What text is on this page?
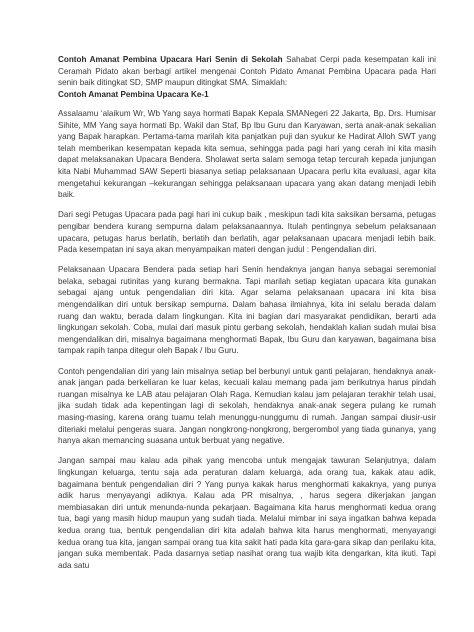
Contoh Amanat Pembina Upacara Hari Senin di Sekolah Sahabat Cerpi pada kesempatan kali ini Ceramah Pidato akan berbagi artikel mengenai Contoh Pidato Amanat Pembina Upacara pada Hari senin baik ditingkat SD, SMP maupun ditingkat SMA. Simaklah:

Contoh Amanat Pembina Upacara Ke-1

Assalaamu ‘alaikum Wr, Wb Yang saya hormati Bapak Kepala SMANegeri 22 Jakarta, Bp. Drs. Humisar Sihite, MM Yang saya hormati Bp. Wakil dan Staf, Bp Ibu Guru dan Karyawan, serta anak-anak sekalian yang Bapak harapkan. Pertama-tama marilah kita panjatkan puji dan syukur ke Hadirat Alloh SWT yang telah memberikan kesempatan kepada kita semua, sehingga pada pagi hari yang cerah ini kita masih dapat melaksanakan Upacara Bendera. Sholawat serta salam semoga tetap tercurah kepada junjungan kita Nabi Muhammad SAW Seperti biasanya setiap pelaksanaan Upacara perlu kita evaluasi, agar kita mengetahui kekurangan –kekurangan sehingga pelaksanaan upacara yang akan datang menjadi lebih baik.

Dari segi Petugas Upacara pada pagi hari ini cukup baik , meskipun tadi kita saksikan bersama, petugas pengibar bendera kurang sempurna dalam pelaksanaannya. Itulah pentingnya sebelum pelaksanaan upacara, petugas harus berlatih, berlatih dan berlatih, agar pelaksanaan upacara menjadi lebih baik. Pada kesempatan ini saya akan menyampaikan materi dengan judul : Pengendalian diri.

Pelaksanaan Upacara Bendera pada setiap hari Senin hendaknya jangan hanya sebagai seremonial belaka, sebagai rutinitas yang kurang bermakna. Tapi marilah setiap kegiatan upacara kita gunakan sebagai ajang untuk pengendalian diri kita. Agar selama pelaksanaan upacara ini kita bisa mengendalikan diri untuk bersikap sempurna. Dalam bahasa ilmiahnya, kita ini selalu berada dalam ruang dan waktu, berada dalam lingkungan. Kita ini bagian dari masyarakat pendidikan, berarti ada lingkungan sekolah. Coba, mulai dari masuk pintu gerbang sekolah, hendaklah kalian sudah mulai bisa mengendalikan diri, misalnya bagaimana menghormati Bapak, Ibu Guru dan karyawan, bagaimana bisa tampak rapih tanpa ditegur oleh Bapak / Ibu Guru.

Contoh pengendalian diri yang lain misalnya setiap bel berbunyi untuk ganti pelajaran, hendaknya anak-anak jangan pada berkeliaran ke luar kelas, kecuali kalau memang pada jam berikutnya harus pindah ruangan misalnya ke LAB atau pelajaran Olah Raga. Kemudian kalau jam pelajaran terakhir telah usai, jika sudah tidak ada kepentingan lagi di sekolah, hendaknya anak-anak segera pulang ke rumah masing-masing, karena orang tuamu telah menunggu-nunggumu di rumah. Jangan sampai diusir-usir diteriaki melalui pengeras suara. Jangan nongkrong-nongkrong, bergerombol yang tiada gunanya, yang hanya akan memancing suasana untuk berbuat yang negative.

Jangan sampai mau kalau ada pihak yang mencoba untuk mengajak tawuran Selanjutnya, dalam lingkungan keluarga, tentu saja ada peraturan dalam keluarga, ada orang tua, kakak atau adik, bagaimana bentuk pengendalian diri ? Yang punya kakak harus menghormati kakaknya, yang punya adik harus menyayangi adiknya. Kalau ada PR misalnya, , harus segera dikerjakan jangan membiasakan diri untuk menunda-nunda pekarjaan. Bagaimana kita harus menghormati kedua orang tua, bagi yang masih hidup maupun yang sudah tiada. Melalui mimbar ini saya ingatkan bahwa kepada kedua orang tua, bentuk pengendalian diri kita adalah bahwa kita harus menghormati, menyayangi kedua orang tua kita, jangan sampai orang tua kita sakit hati pada kita gara-gara sikap dan perilaku kita, jangan suka membentak. Pada dasarnya setiap nasihat orang tua wajib kita dengarkan, kita ikuti. Tapi ada satu
